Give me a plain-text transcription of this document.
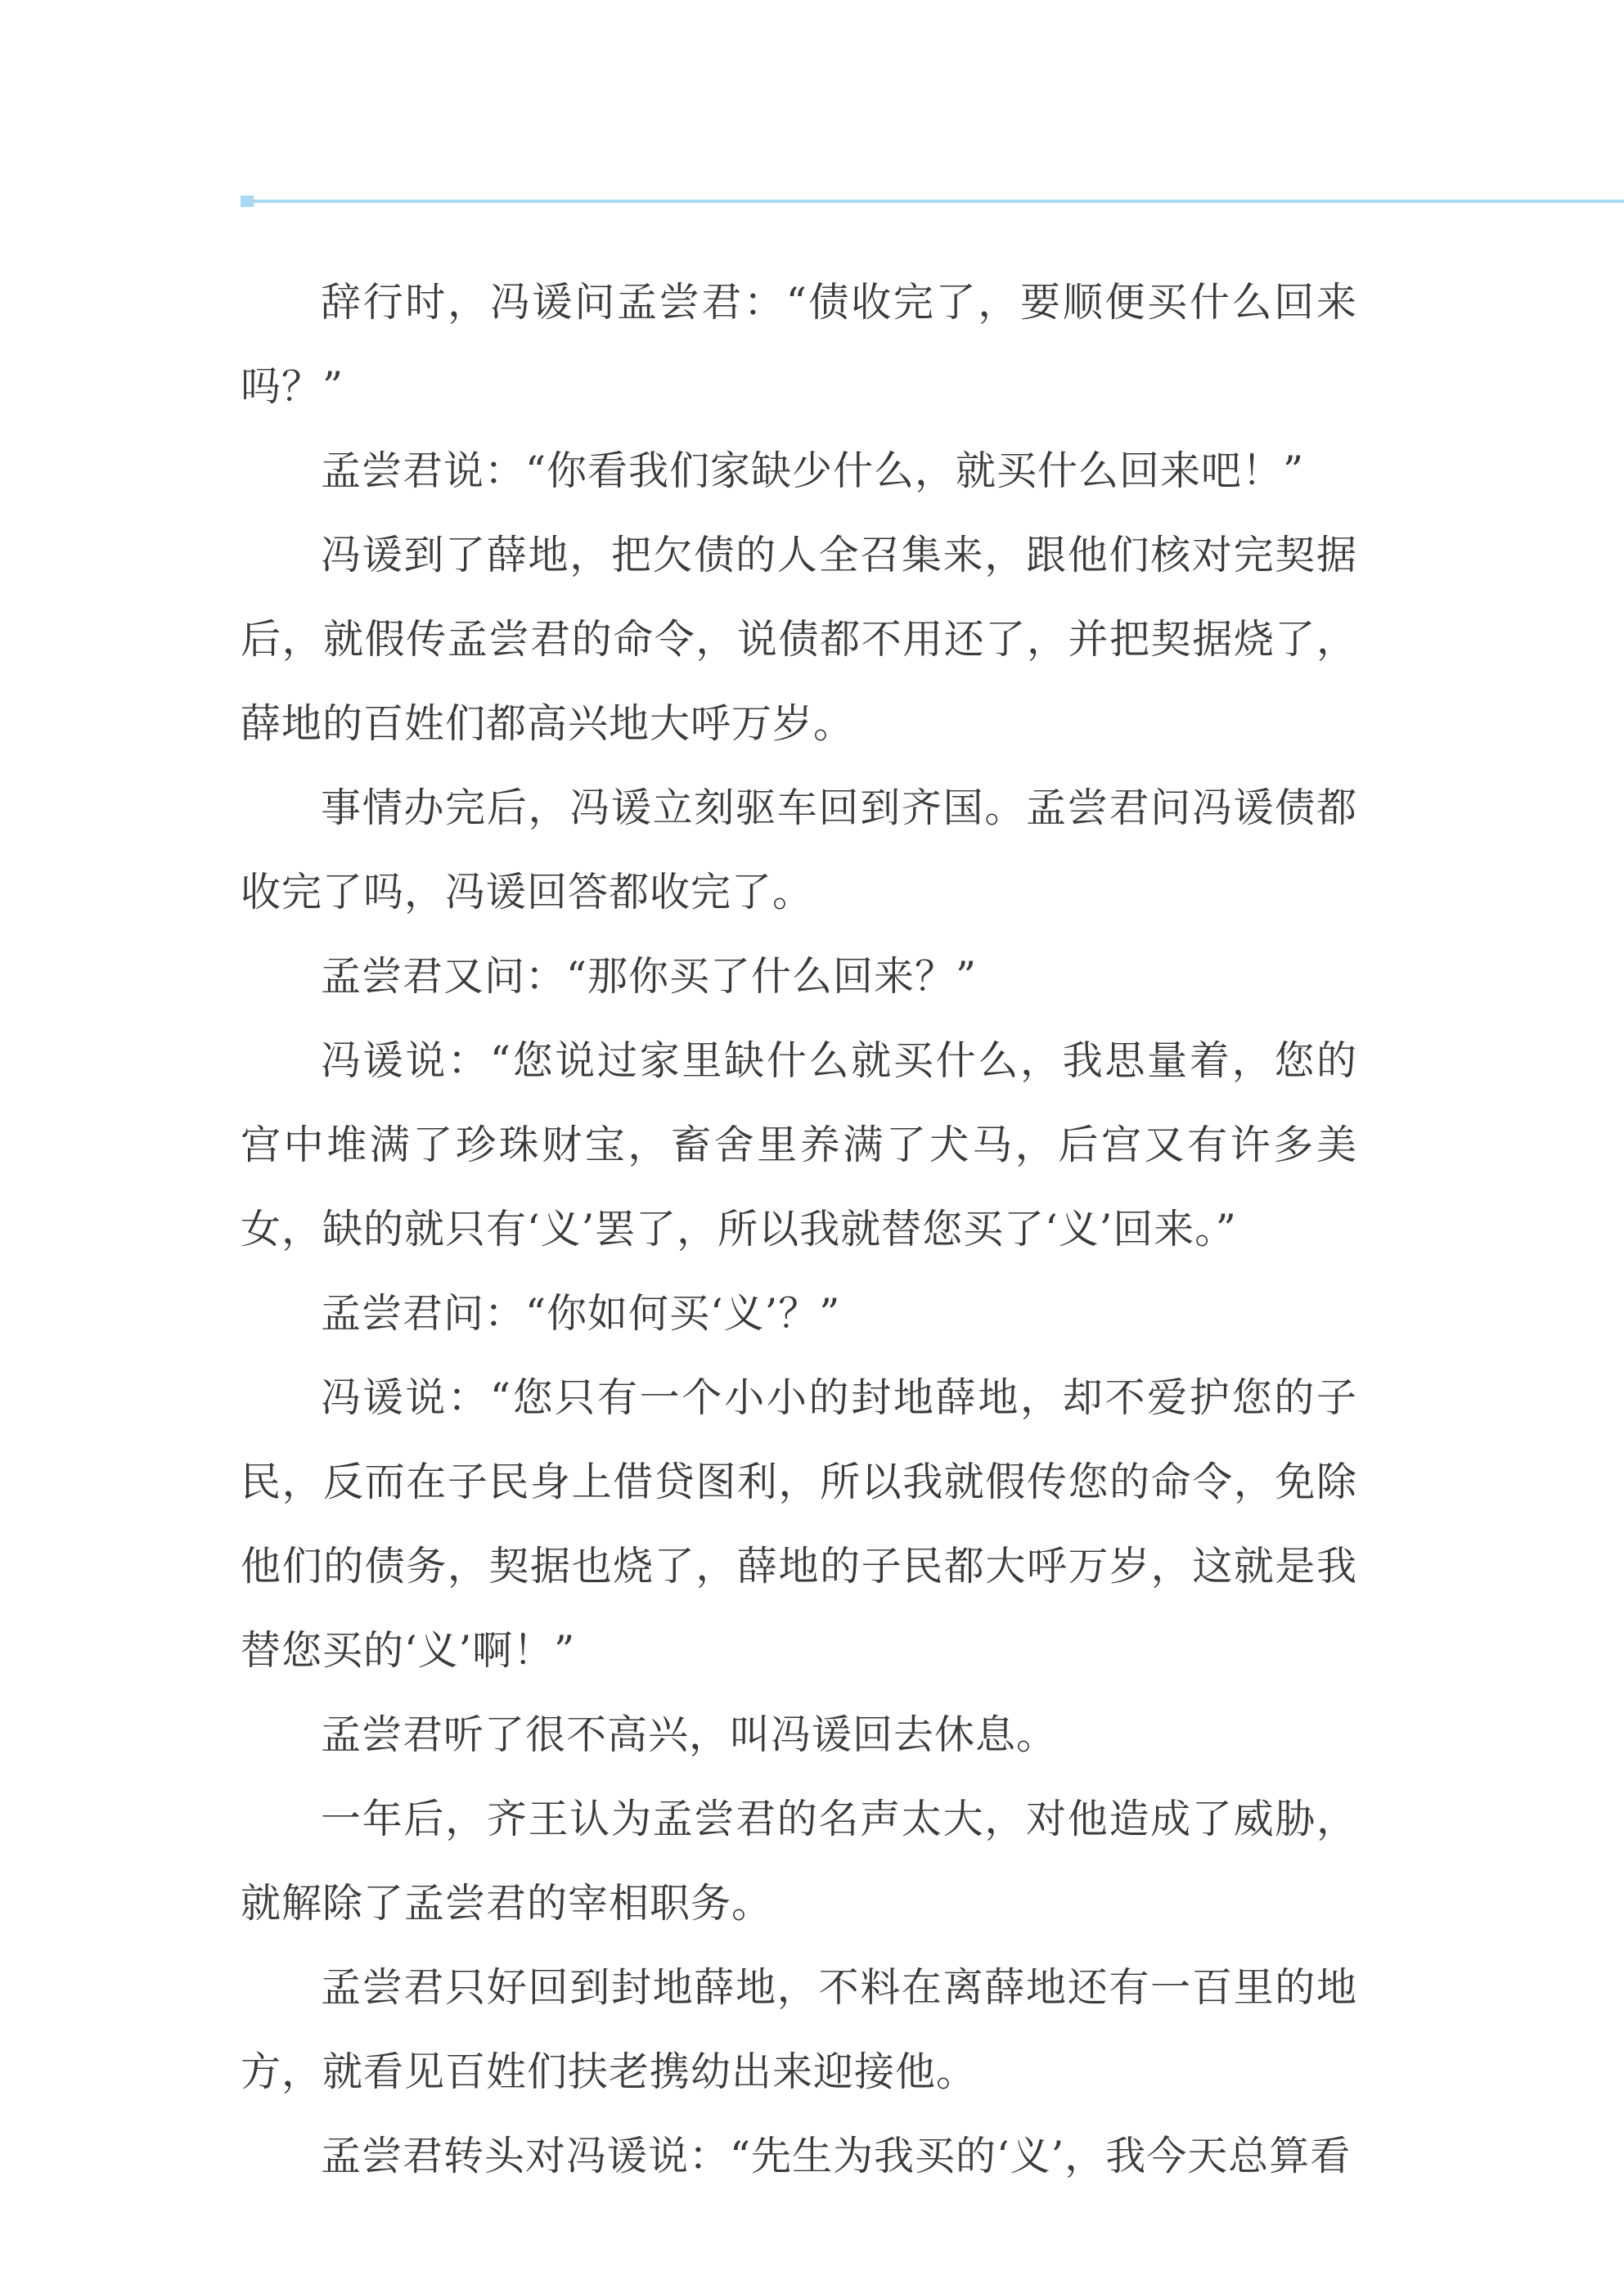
辞行时，冯谖问孟尝君：“债收完了，要顺便买什么回来吗？”

孟尝君说：“你看我们家缺少什么，就买什么回来吧！”

冯谖到了薛地，把欠债的人全召集来，跟他们核对完契据后，就假传孟尝君的命令，说债都不用还了，并把契据烧了，薛地的百姓们都高兴地大呼万岁。

事情办完后，冯谖立刻驱车回到齐国。孟尝君问冯谖债都收完了吗，冯谖回答都收完了。

孟尝君又问：“那你买了什么回来？”

冯谖说：“您说过家里缺什么就买什么，我思量着，您的宫中堆满了珍珠财宝，畜舍里养满了犬马，后宫又有许多美女，缺的就只有‘义’罢了，所以我就替您买了‘义’回来。”

孟尝君问：“你如何买‘义’？”

冯谖说：“您只有一个小小的封地薛地，却不爱护您的子民，反而在子民身上借贷图利，所以我就假传您的命令，免除他们的债务，契据也烧了，薛地的子民都大呼万岁，这就是我替您买的‘义’啊！”

孟尝君听了很不高兴，叫冯谖回去休息。

一年后，齐王认为孟尝君的名声太大，对他造成了威胁，就解除了孟尝君的宰相职务。

孟尝君只好回到封地薛地，不料在离薛地还有一百里的地方，就看见百姓们扶老携幼出来迎接他。

孟尝君转头对冯谖说：“先生为我买的‘义’，我今天总算看
